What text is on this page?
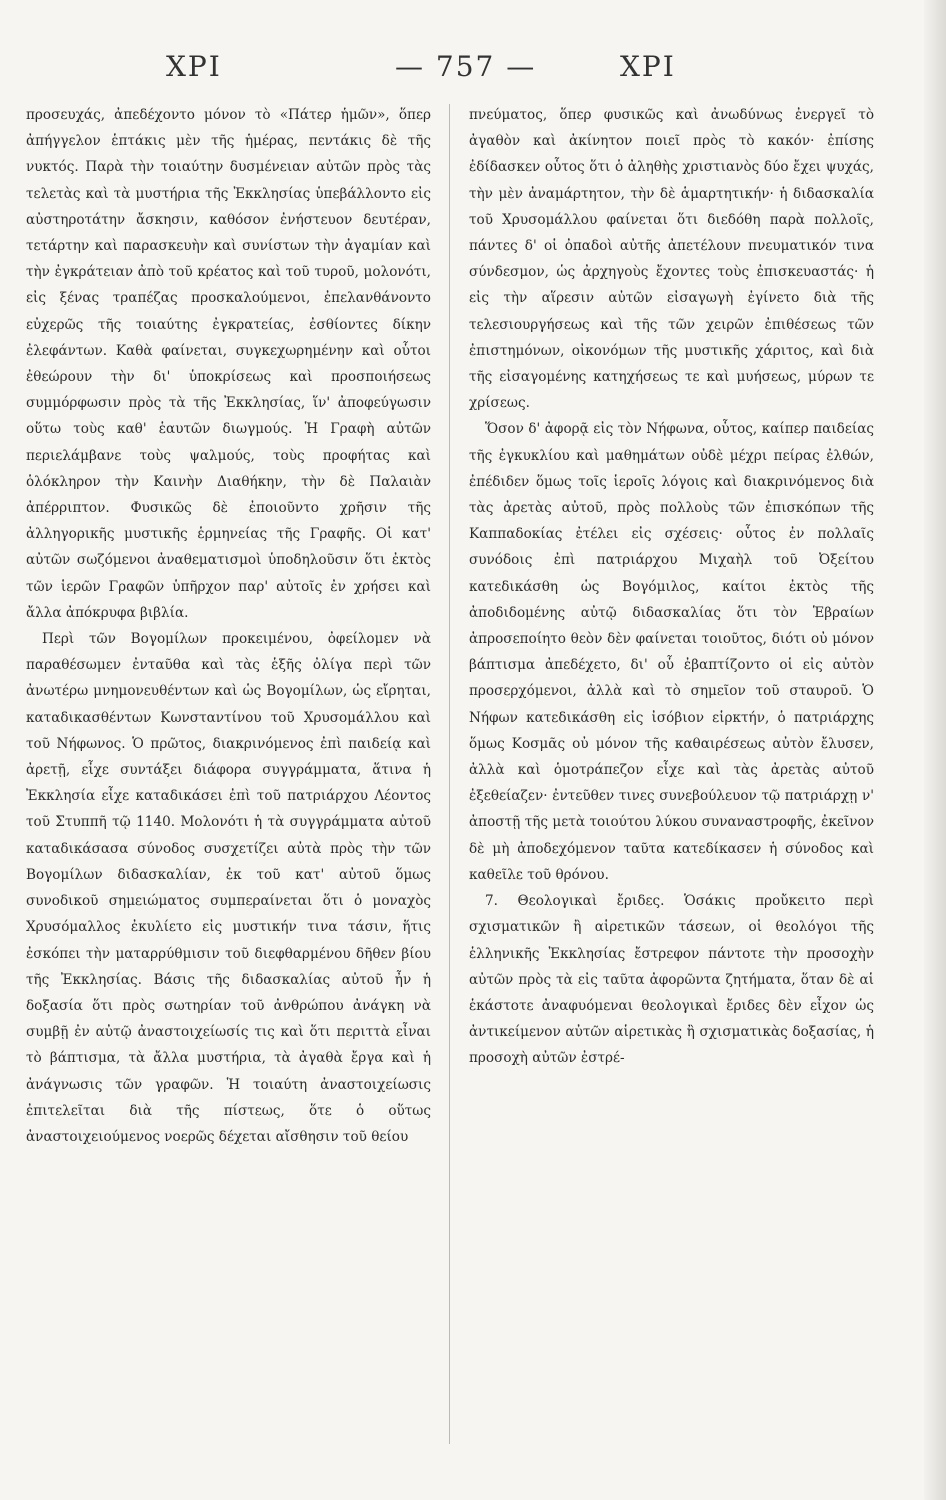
ΧΡΙ	— 757 —	ΧΡΙ

προσευχάς, ἀπεδέχοντο μόνον τὸ «Πάτερ ἡμῶν», ὅπερ ἀπήγγελον ἑπτάκις μὲν τῆς ἡμέρας, πεντάκις δὲ τῆς νυκτός. Παρὰ τὴν τοιαύτην δυσμένειαν αὐτῶν πρὸς τὰς τελετὰς καὶ τὰ μυστήρια τῆς Ἐκκλησίας ὑπεβάλλοντο εἰς αὐστηροτάτην ἄσκησιν, καθόσον ἐνήστευον δευτέραν, τετάρτην καὶ παρασκευὴν καὶ συνίστων τὴν ἀγαμίαν καὶ τὴν ἐγκράτειαν ἀπὸ τοῦ κρέατος καὶ τοῦ τυροῦ, μολονότι, εἰς ξένας τραπέζας προσκαλούμενοι, ἐπελανθάνοντο εὐχερῶς τῆς τοιαύτης ἐγκρατείας, ἐσθίοντες δίκην ἐλεφάντων. Καθὰ φαίνεται, συγκεχωρημένην καὶ οὗτοι ἐθεώρουν τὴν δι' ὑποκρίσεως καὶ προσποιήσεως συμμόρφωσιν πρὸς τὰ τῆς Ἐκκλησίας, ἵν' ἀποφεύγωσιν οὕτω τοὺς καθ' ἑαυτῶν διωγμούς. Ἡ Γραφὴ αὐτῶν περιελάμβανε τοὺς ψαλμούς, τοὺς προφήτας καὶ ὁλόκληρον τὴν Καινὴν Διαθήκην, τὴν δὲ Παλαιὰν ἀπέρριπτον. Φυσικῶς δὲ ἐποιοῦντο χρῆσιν τῆς ἀλληγορικῆς μυστικῆς ἑρμηνείας τῆς Γραφῆς. Οἱ κατ' αὐτῶν σωζόμενοι ἀναθεματισμοὶ ὑποδηλοῦσιν ὅτι ἐκτὸς τῶν ἱερῶν Γραφῶν ὑπῆρχον παρ' αὐτοῖς ἐν χρήσει καὶ ἄλλα ἀπόκρυφα βιβλία.

Περὶ τῶν Βογομίλων προκειμένου, ὀφείλομεν νὰ παραθέσωμεν ἐνταῦθα καὶ τὰς ἑξῆς ὀλίγα περὶ τῶν ἀνωτέρω μνημονευθέντων καὶ ὡς Βογομίλων, ὡς εἴρηται, καταδικασθέντων Κωνσταντίνου τοῦ Χρυσομάλλου καὶ τοῦ Νήφωνος. Ὁ πρῶτος, διακρινόμενος ἐπὶ παιδείᾳ καὶ ἀρετῇ, εἶχε συντάξει διάφορα συγγράμματα, ἅτινα ἡ Ἐκκλησία εἶχε καταδικάσει ἐπὶ τοῦ πατριάρχου Λέοντος τοῦ Στυππῆ τῷ 1140. Μολονότι ἡ τὰ συγγράμματα αὐτοῦ καταδικάσασα σύνοδος συσχετίζει αὐτὰ πρὸς τὴν τῶν Βογομίλων διδασκαλίαν, ἐκ τοῦ κατ' αὐτοῦ ὅμως συνοδικοῦ σημειώματος συμπεραίνεται ὅτι ὁ μοναχὸς Χρυσόμαλλος ἐκυλίετο εἰς μυστικήν τινα τάσιν, ἥτις ἐσκόπει τὴν ματαρρύθμισιν τοῦ διεφθαρμένου δῆθεν βίου τῆς Ἐκκλησίας. Βάσις τῆς διδασκαλίας αὐτοῦ ἦν ἡ δοξασία ὅτι πρὸς σωτηρίαν τοῦ ἀνθρώπου ἀνάγκη νὰ συμβῇ ἐν αὐτῷ ἀναστοιχείωσίς τις καὶ ὅτι περιττὰ εἶναι τὸ βάπτισμα, τὰ ἄλλα μυστήρια, τὰ ἀγαθὰ ἔργα καὶ ἡ ἀνάγνωσις τῶν γραφῶν. Ἡ τοιαύτη ἀναστοιχείωσις ἐπιτελεῖται διὰ τῆς πίστεως, ὅτε ὁ οὕτως ἀναστοιχειούμενος νοερῶς δέχεται αἴσθησιν τοῦ θείου

πνεύματος, ὅπερ φυσικῶς καὶ ἀνωδύνως ἐνεργεῖ τὸ ἀγαθὸν καὶ ἀκίνητον ποιεῖ πρὸς τὸ κακόν· ἐπίσης ἐδίδασκεν οὗτος ὅτι ὁ ἀληθὴς χριστιανὸς δύο ἔχει ψυχάς, τὴν μὲν ἀναμάρτητον, τὴν δὲ ἁμαρτητικήν· ἡ διδασκαλία τοῦ Χρυσομάλλου φαίνεται ὅτι διεδόθη παρὰ πολλοῖς, πάντες δ' οἱ ὀπαδοὶ αὐτῆς ἀπετέλουν πνευματικόν τινα σύνδεσμον, ὡς ἀρχηγοὺς ἔχοντες τοὺς ἐπισκευαστάς· ἡ εἰς τὴν αἵρεσιν αὐτῶν εἰσαγωγὴ ἐγίνετο διὰ τῆς τελεσιουργήσεως καὶ τῆς τῶν χειρῶν ἐπιθέσεως τῶν ἐπιστημόνων, οἰκονόμων τῆς μυστικῆς χάριτος, καὶ διὰ τῆς εἰσαγομένης κατηχήσεως τε καὶ μυήσεως, μύρων τε χρίσεως.

Ὅσον δ' ἀφορᾷ εἰς τὸν Νήφωνα, οὗτος, καίπερ παιδείας τῆς ἐγκυκλίου καὶ μαθημάτων οὐδὲ μέχρι πείρας ἐλθών, ἐπέδιδεν ὅμως τοῖς ἱεροῖς λόγοις καὶ διακρινόμενος διὰ τὰς ἀρετὰς αὐτοῦ, πρὸς πολλοὺς τῶν ἐπισκόπων τῆς Καππαδοκίας ἐτέλει εἰς σχέσεις· οὗτος ἐν πολλαῖς συνόδοις ἐπὶ πατριάρχου Μιχαὴλ τοῦ Ὀξείτου κατεδικάσθη ὡς Βογόμιλος, καίτοι ἐκτὸς τῆς ἀποδιδομένης αὐτῷ διδασκαλίας ὅτι τὸν Ἑβραίων ἀπροσεποίητο θεὸν δὲν φαίνεται τοιοῦτος, διότι οὐ μόνον βάπτισμα ἀπεδέχετο, δι' οὗ ἐβαπτίζοντο οἱ εἰς αὐτὸν προσερχόμενοι, ἀλλὰ καὶ τὸ σημεῖον τοῦ σταυροῦ. Ὁ Νήφων κατεδικάσθη εἰς ἰσόβιον εἱρκτήν, ὁ πατριάρχης ὅμως Κοσμᾶς οὐ μόνον τῆς καθαιρέσεως αὐτὸν ἔλυσεν, ἀλλὰ καὶ ὁμοτράπεζον εἶχε καὶ τὰς ἀρετὰς αὐτοῦ ἐξεθείαζεν· ἐντεῦθεν τινες συνεβούλευον τῷ πατριάρχῃ ν' ἀποστῇ τῆς μετὰ τοιούτου λύκου συναναστροφῆς, ἐκεῖνον δὲ μὴ ἀποδεχόμενον ταῦτα κατεδίκασεν ἡ σύνοδος καὶ καθεῖλε τοῦ θρόνου.

7. Θεολογικαὶ ἔριδες. Ὁσάκις προὔκειτο περὶ σχισματικῶν ἢ αἱρετικῶν τάσεων, οἱ θεολόγοι τῆς ἑλληνικῆς Ἐκκλησίας ἔστρεφον πάντοτε τὴν προσοχὴν αὐτῶν πρὸς τὰ εἰς ταῦτα ἀφορῶντα ζητήματα, ὅταν δὲ αἱ ἑκάστοτε ἀναφυόμεναι θεολογικαὶ ἔριδες δὲν εἶχον ὡς ἀντικείμενον αὐτῶν αἱρετικὰς ἢ σχισματικὰς δοξασίας, ἡ προσοχὴ αὐτῶν ἐστρέ-
